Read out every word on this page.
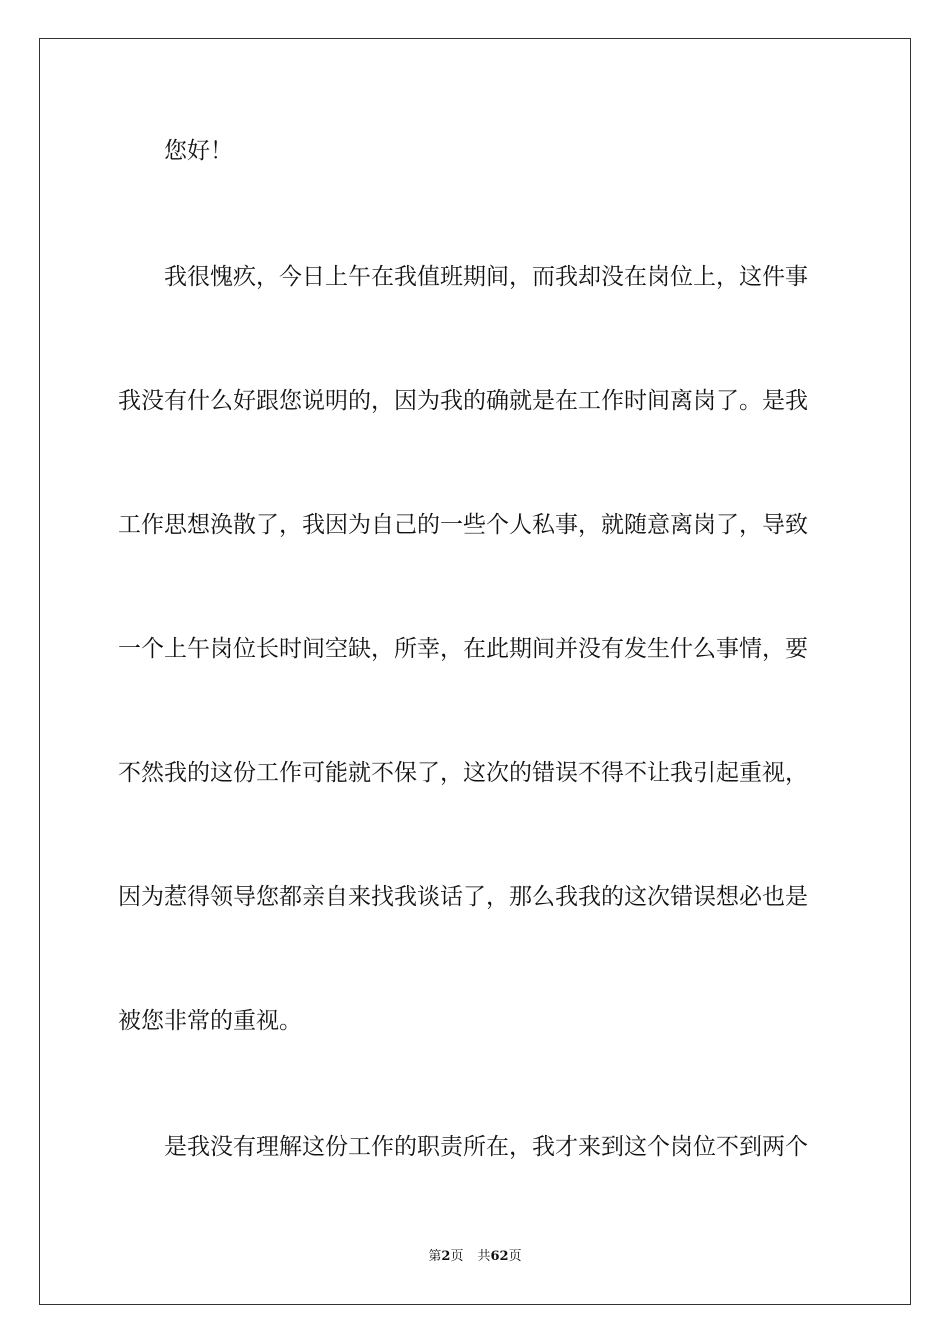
您好！
我很愧疚，今日上午在我值班期间，而我却没在岗位上，这件事
我没有什么好跟您说明的，因为我的确就是在工作时间离岗了。是我
工作思想涣散了，我因为自己的一些个人私事，就随意离岗了，导致
一个上午岗位长时间空缺，所幸，在此期间并没有发生什么事情，要
不然我的这份工作可能就不保了，这次的错误不得不让我引起重视，
因为惹得领导您都亲自来找我谈话了，那么我我的这次错误想必也是
被您非常的重视。
是我没有理解这份工作的职责所在，我才来到这个岗位不到两个
第2页 共62页
